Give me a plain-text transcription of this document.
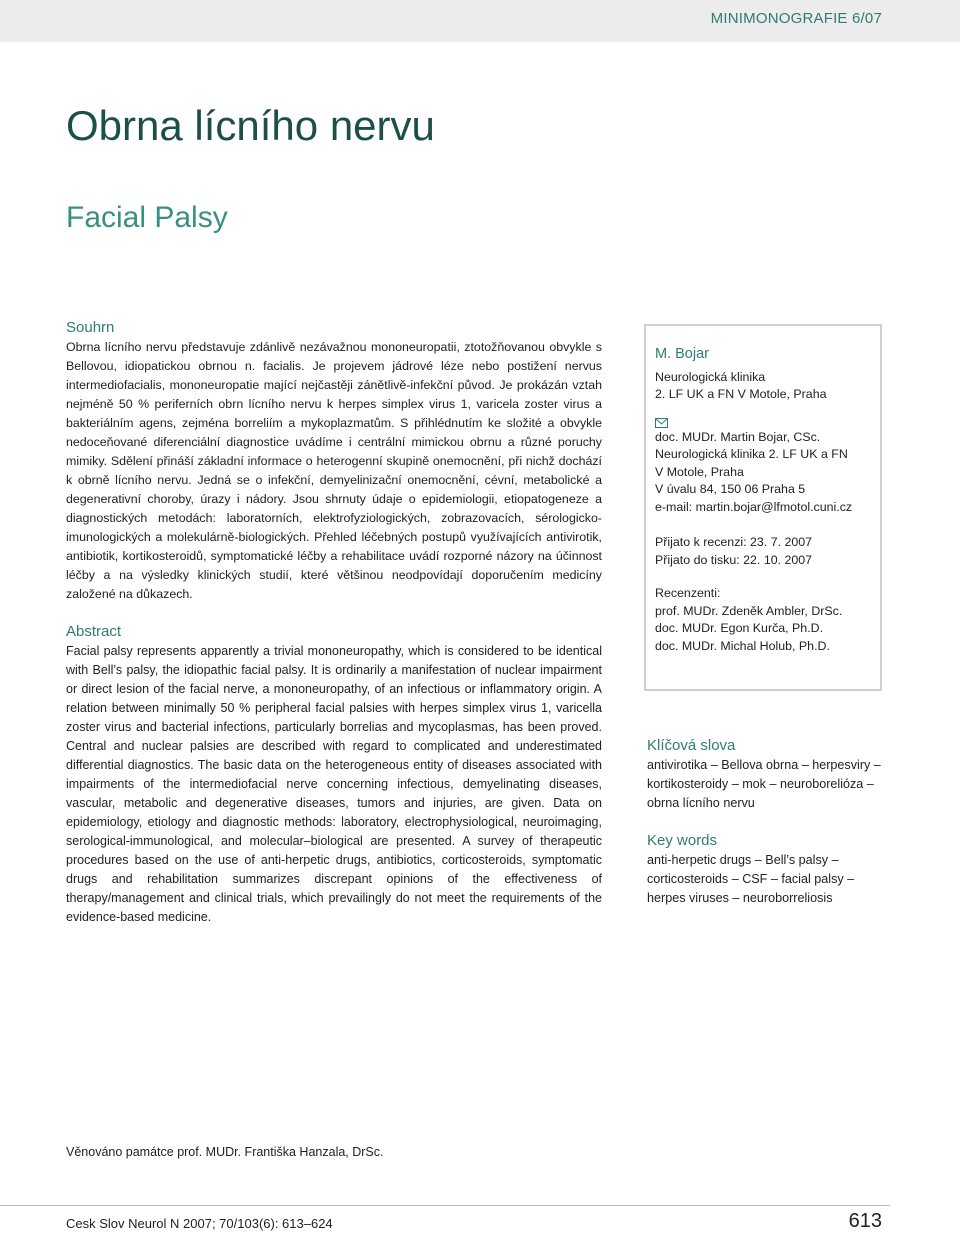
MINIMONOGRAFIE 6/07
Obrna lícního nervu
Facial Palsy
Souhrn

Obrna lícního nervu představuje zdánlivě nezávažnou mononeuropatii, ztotožňovanou obvykle s Bellovou, idiopatickou obrnou n. facialis. Je projevem jádrové léze nebo postižení nervus intermediofacialis, mononeuropatie mající nejčastěji zánětlivě-infekční původ. Je prokázán vztah nejméně 50 % periferních obrn lícního nervu k herpes simplex virus 1, varicela zoster virus a bakteriálním agens, zejména borreliím a mykoplazmatům. S přihlédnutím ke složité a obvykle nedoceňované diferenciální diagnostice uvádíme i centrální mimickou obrnu a různé poruchy mimiky. Sdělení přináší základní informace o heterogenní skupině onemocnění, při nichž dochází k obrně lícního nervu. Jedná se o infekční, demyelinizační onemocnění, cévní, metabolické a degenerativní choroby, úrazy i nádory. Jsou shrnuty údaje o epidemiologii, etiopatogeneze a diagnostických metodách: laboratorních, elektrofyziologických, zobrazovacích, sérologicko-imunologických a molekulárně-biologických. Přehled léčebných postupů využívajících antivirotik, antibiotik, kortikosteroidů, symptomatické léčby a rehabilitace uvádí rozporné názory na účinnost léčby a na výsledky klinických studií, které většinou neodpovídají doporučením medicíny založené na důkazech.

Abstract

Facial palsy represents apparently a trivial mononeuropathy, which is considered to be identical with Bell’s palsy, the idiopathic facial palsy. It is ordinarily a manifestation of nuclear impairment or direct lesion of the facial nerve, a mononeuropathy, of an infectious or inflammatory origin. A relation between minimally 50 % peripheral facial palsies with herpes simplex virus 1, varicella zoster virus and bacterial infections, particularly borrelias and mycoplasmas, has been proved. Central and nuclear palsies are described with regard to complicated and underestimated differential diagnostics. The basic data on the heterogeneous entity of diseases associated with impairments of the intermediofacial nerve concerning infectious, demyelinating diseases, vascular, metabolic and degenerative diseases, tumors and injuries, are given. Data on epidemiology, etiology and diagnostic methods: laboratory, electrophysiological, neuroimaging, serological-immunological, and molecular–biological are presented. A survey of therapeutic procedures based on the use of anti-herpetic drugs, antibiotics, corticosteroids, symptomatic drugs and rehabilitation summarizes discrepant opinions of the effectiveness of therapy/management and clinical trials, which prevailingly do not meet the requirements of the evidence-based medicine.

M. Bojar
Neurologická klinika
2. LF UK a FN V Motole, Praha
doc. MUDr. Martin Bojar, CSc.
Neurologická klinika 2. LF UK a FN
V Motole, Praha
V úvalu 84, 150 06 Praha 5
e-mail: martin.bojar@lfmotol.cuni.cz
Přijato k recenzi: 23. 7. 2007
Přijato do tisku: 22. 10. 2007
Recenzenti:
prof. MUDr. Zdeněk Ambler, DrSc.
doc. MUDr. Egon Kurča, Ph.D.
doc. MUDr. Michal Holub, Ph.D.
Klíčová slova
antivirotika – Bellova obrna – herpesviry –
kortikosteroidy – mok – neuroborelióza –
obrna lícního nervu
Key words
anti-herpetic drugs – Bell’s palsy –
corticosteroids – CSF – facial palsy –
herpes viruses – neuroborreliosis
Věnováno památce prof. MUDr. Františka Hanzala, DrSc.
Cesk Slov Neurol N 2007; 70/103(6): 613–624	613
